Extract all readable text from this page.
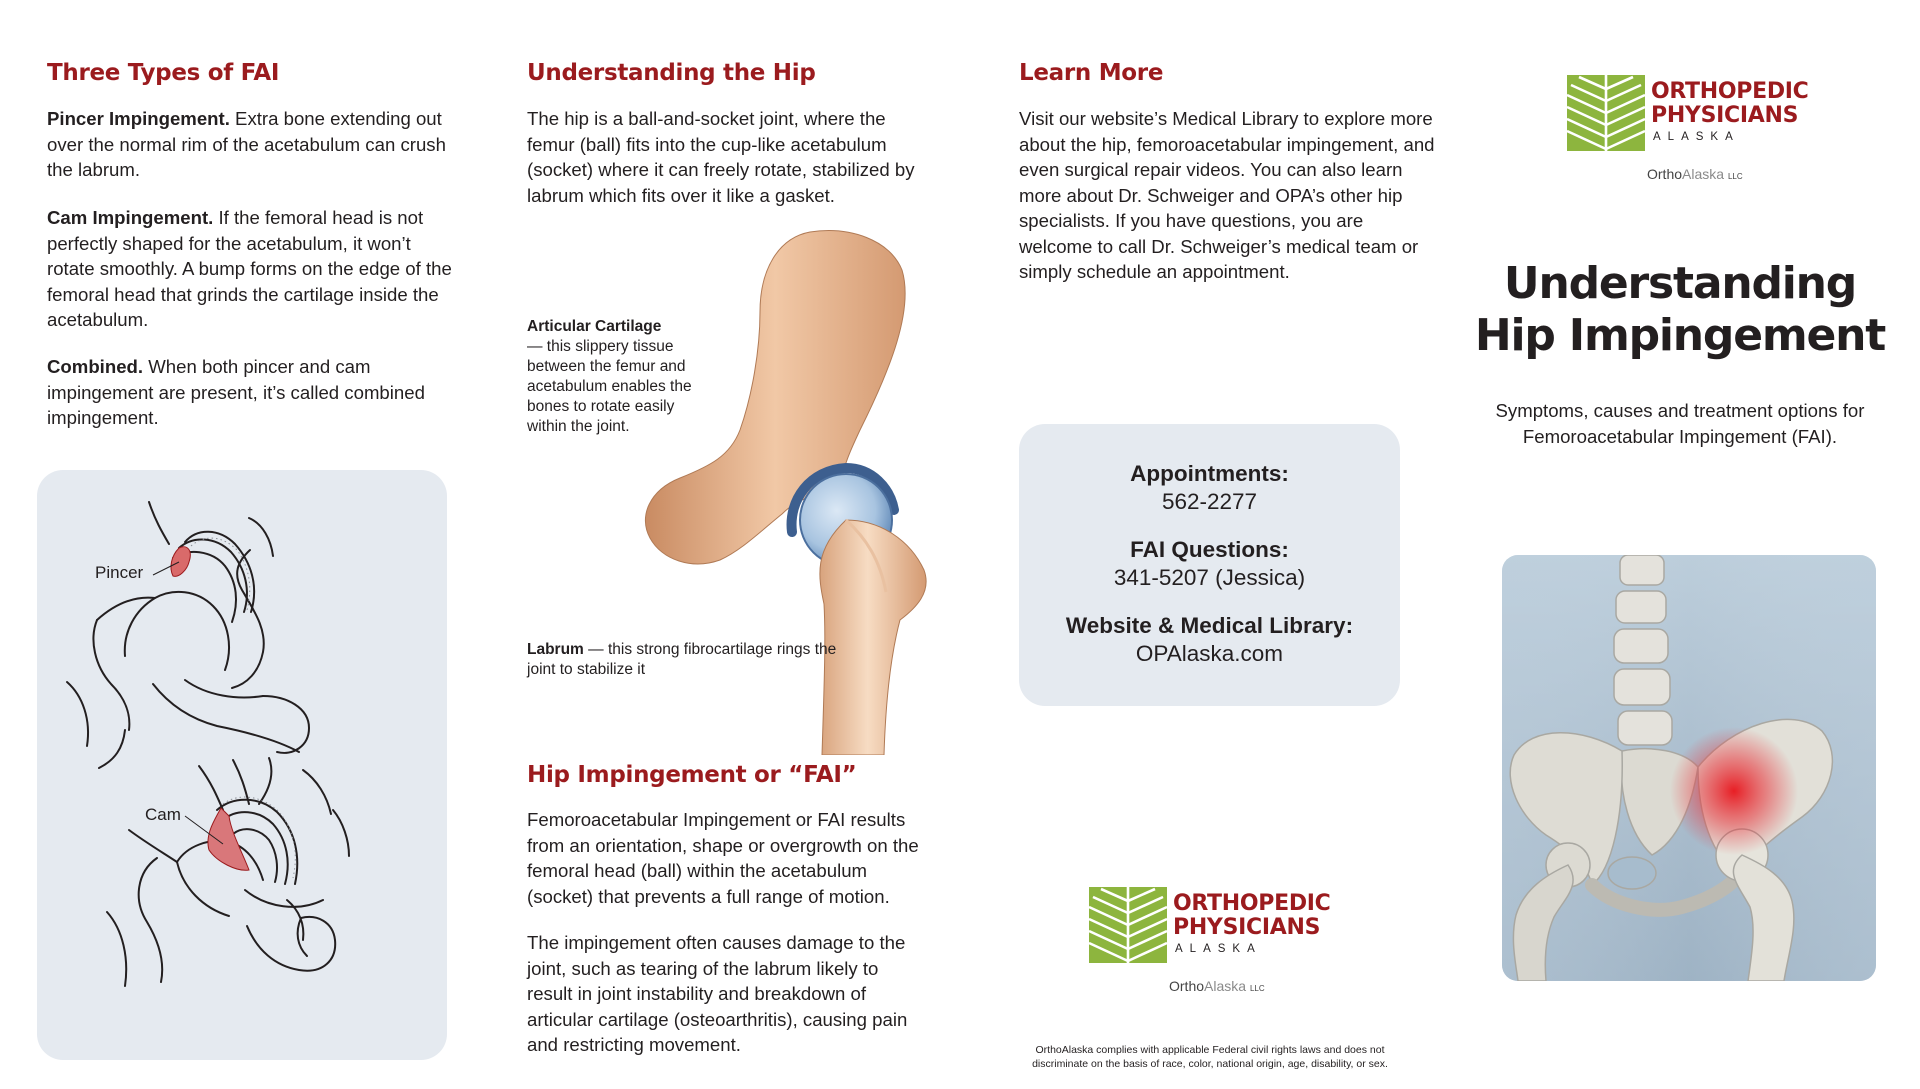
Three Types of FAI

Pincer Impingement. Extra bone extending out over the normal rim of the acetabulum can crush the labrum.

Cam Impingement. If the femoral head is not perfectly shaped for the acetabulum, it won’t rotate smoothly. A bump forms on the edge of the femoral head that grinds the cartilage inside the acetabulum.

Combined. When both pincer and cam impingement are present, it’s called combined impingement.

Pincer
Cam
Understanding the Hip

The hip is a ball-and-socket joint, where the femur (ball) fits into the cup-like acetabulum (socket) where it can freely rotate, stabilized by labrum which fits over it like a gasket.

Articular Cartilage
— this slippery tissue between the femur and acetabulum enables the bones to rotate easily within the joint.
Labrum — this strong fibrocartilage rings the joint to stabilize it
Hip Impingement or “FAI”

Femoroacetabular Impingement or FAI results from an orientation, shape or overgrowth on the femoral head (ball) within the acetabulum (socket) that prevents a full range of motion.

The impingement often causes damage to the joint, such as tearing of the labrum likely to result in joint instability and breakdown of articular cartilage (osteoarthritis), causing pain and restricting movement.

Learn More

Visit our website’s Medical Library to explore more about the hip, femoroacetabular impingement, and even surgical repair videos. You can also learn more about Dr. Schweiger and OPA’s other hip specialists. If you have questions, you are welcome to call Dr. Schweiger’s medical team or simply schedule an appointment.

Appointments:
562-2277
FAI Questions:
341-5207 (Jessica)
Website & Medical Library:
OPAlaska.com
ORTHOPEDIC
PHYSICIANS
ALASKA
OrthoAlaska LLC
OrthoAlaska complies with applicable Federal civil rights laws and does not discriminate on the basis of race, color, national origin, age, disability, or sex.
ORTHOPEDIC
PHYSICIANS
ALASKA
OrthoAlaska LLC
Understanding
Hip Impingement
Symptoms, causes and treatment options for
Femoroacetabular Impingement (FAI).
